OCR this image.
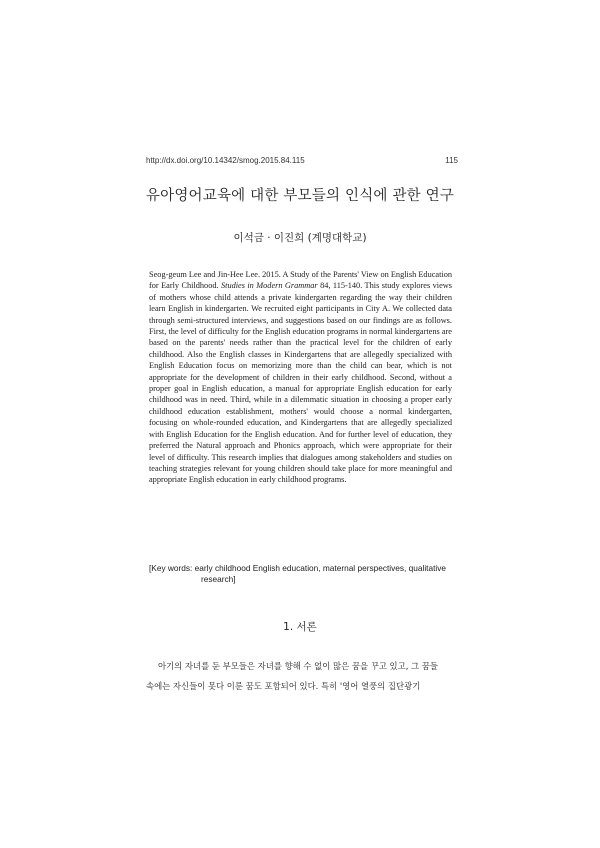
http://dx.doi.org/10.14342/smog.2015.84.115	115
유아영어교육에 대한 부모들의 인식에 관한 연구
이석금 · 이진희 (계명대학교)

Seog-geum Lee and Jin-Hee Lee. 2015. A Study of the Parents' View on English Education for Early Childhood. Studies in Modern Grammar 84, 115-140. This study explores views of mothers whose child attends a private kindergarten regarding the way their children learn English in kindergarten. We recruited eight participants in City A. We collected data through semi-structured interviews, and suggestions based on our findings are as follows. First, the level of difficulty for the English education programs in normal kindergartens are based on the parents' needs rather than the practical level for the children of early childhood. Also the English classes in Kindergartens that are allegedly specialized with English Education focus on memorizing more than the child can bear, which is not appropriate for the development of children in their early childhood. Second, without a proper goal in English education, a manual for appropriate English education for early childhood was in need. Third, while in a dilemmatic situation in choosing a proper early childhood education establishment, mothers' would choose a normal kindergarten, focusing on whole-rounded education, and Kindergartens that are allegedly specialized with English Education for the English education. And for further level of education, they preferred the Natural approach and Phonics approach, which were appropriate for their level of difficulty. This research implies that dialogues among stakeholders and studies on teaching strategies relevant for young children should take place for more meaningful and appropriate English education in early childhood programs.

[Key words: early childhood English education, maternal perspectives, qualitative
research]

1. 서론

아기의 자녀를 둔 부모들은 자녀를 향해 수 없이 많은 꿈을 꾸고 있고, 그 꿈들
속에는 자신들이 못다 이룬 꿈도 포함되어 있다. 특히 '영어 열풍의 집단광기
